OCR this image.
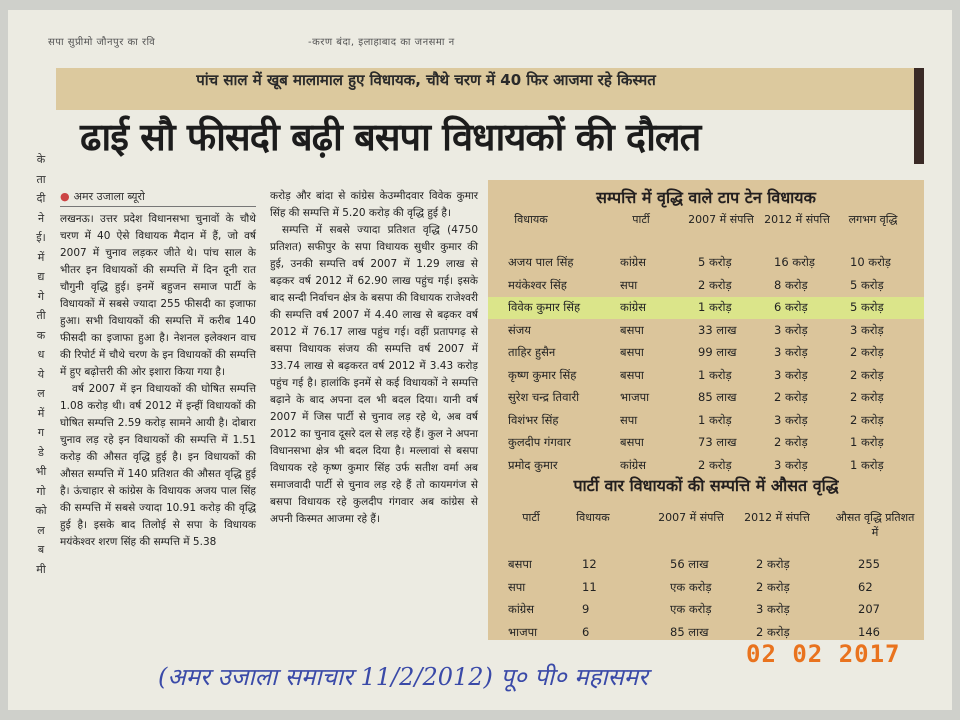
सपा सुप्रीमो जौनपुर का रवि	-करण बंदा, इलाहाबाद का जनसमा न
के
ता
दी
ने
ई।
में
द्य
गे
ती
क
ध
ये
ल
में
ग
डे
भी
गो
को
ल
ब
मी
पांच साल में खूब मालामाल हुए विधायक, चौथे चरण में 40 फिर आजमा रहे किस्मत
ढाई सौ फीसदी बढ़ी बसपा विधायकों की दौलत
● अमर उजाला ब्यूरो

लखनऊ। उत्तर प्रदेश विधानसभा चुनावों के चौथे चरण में 40 ऐसे विधायक मैदान में हैं, जो वर्ष 2007 में चुनाव लड़कर जीते थे। पांच साल के भीतर इन विधायकों की सम्पत्ति में दिन दूनी रात चौगुनी वृद्धि हुई। इनमें बहुजन समाज पार्टी के विधायकों में सबसे ज्यादा 255 फीसदी का इजाफा हुआ। सभी विधायकों की सम्पत्ति में करीब 140 फीसदी का इजाफा हुआ है। नेशनल इलेक्शन वाच की रिपोर्ट में चौथे चरण के इन विधायकों की सम्पत्ति में हुए बढ़ोत्तरी की ओर इशारा किया गया है।

वर्ष 2007 में इन विधायकों की घोषित सम्पत्ति 1.08 करोड़ थी। वर्ष 2012 में इन्हीं विधायकों की घोषित सम्पत्ति 2.59 करोड़ सामने आयी है। दोबारा चुनाव लड़ रहे इन विधायकों की सम्पत्ति में 1.51 करोड़ की औसत वृद्धि हुई है। इन विधायकों की औसत सम्पत्ति में 140 प्रतिशत की औसत वृद्धि हुई है। ऊंचाहार से कांग्रेस के विधायक अजय पाल सिंह की सम्पत्ति में सबसे ज्यादा 10.91 करोड़ की वृद्धि हुई है। इसके बाद तिलोई से सपा के विधायक मयंकेश्वर शरण सिंह की सम्पत्ति में 5.38

करोड़ और बांदा से कांग्रेस केउम्मीदवार विवेक कुमार सिंह की सम्पत्ति में 5.20 करोड़ की वृद्धि हुई है।

सम्पत्ति में सबसे ज्यादा प्रतिशत वृद्धि (4750 प्रतिशत) सफीपुर के सपा विधायक सुधीर कुमार की हुई, उनकी सम्पत्ति वर्ष 2007 में 1.29 लाख से बढ़कर वर्ष 2012 में 62.90 लाख पहुंच गई। इसके बाद सन्दी निर्वाचन क्षेत्र के बसपा की विधायक राजेश्वरी की सम्पत्ति वर्ष 2007 में 4.40 लाख से बढ़कर वर्ष 2012 में 76.17 लाख पहुंच गई। वहीं प्रतापगढ़ से बसपा विधायक संजय की सम्पत्ति वर्ष 2007 में 33.74 लाख से बढ़करत वर्ष 2012 में 3.43 करोड़ पहुंच गई है। हालांकि इनमें से कई विधायकों ने सम्पत्ति बढ़ाने के बाद अपना दल भी बदल दिया। यानी वर्ष 2007 में जिस पार्टी से चुनाव लड़ रहे थे, अब वर्ष 2012 का चुनाव दूसरे दल से लड़ रहे हैं। कुल ने अपना विधानसभा क्षेत्र भी बदल दिया है। मल्लावां से बसपा विधायक रहे कृष्ण कुमार सिंह उर्फ सतीश वर्मा अब समाजवादी पार्टी से चुनाव लड़ रहे हैं तो कायमगंज से बसपा विधायक रहे कुलदीप गंगवार अब कांग्रेस से अपनी किस्मत आजमा रहे हैं।

सम्पत्ति में वृद्धि वाले टाप टेन विधायक
विधायक	पार्टी	2007 में संपत्ति 2012 में संपत्ति	लगभग वृद्धि
अजय पाल सिंह	कांग्रेस	5 करोड़	16 करोड़	10 करोड़
मयंकेश्वर सिंह	सपा	2 करोड़	8 करोड़	5 करोड़
विवेक कुमार सिंह	कांग्रेस	1 करोड़	6 करोड़	5 करोड़
संजय	बसपा	33 लाख	3 करोड़	3 करोड़
ताहिर हुसैन	बसपा	99 लाख	3 करोड़	2 करोड़
कृष्ण कुमार सिंह	बसपा	1 करोड़	3 करोड़	2 करोड़
सुरेश चन्द्र तिवारी	भाजपा	85 लाख	2 करोड़	2 करोड़
विशंभर सिंह	सपा	1 करोड़	3 करोड़	2 करोड़
कुलदीप गंगवार	बसपा	73 लाख	2 करोड़	1 करोड़
प्रमोद कुमार	कांग्रेस	2 करोड़	3 करोड़	1 करोड़
पार्टी वार विधायकों की सम्पत्ति में औसत वृद्धि
पार्टी	विधायक	2007 में संपत्ति	2012 में संपत्ति	औसत वृद्धि प्रतिशत में
बसपा	12	56 लाख	2 करोड़	255
सपा	11	एक करोड़	2 करोड़	62
कांग्रेस	9	एक करोड़	3 करोड़	207
भाजपा	6	85 लाख	2 करोड़	146
(अमर उजाला समाचार 11/2/2012) पू० पी० महासमर
02 02 2017
